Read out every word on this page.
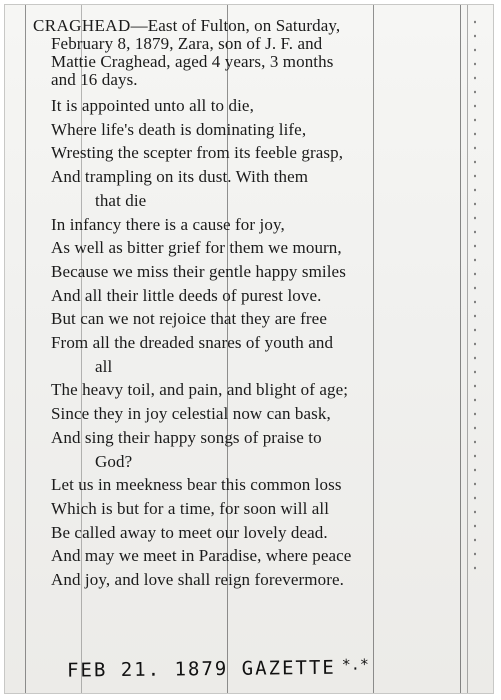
CRAGHEAD—East of Fulton, on Saturday,
February 8, 1879, Zara, son of J. F. and
Mattie Craghead, aged 4 years, 3 months
and 16 days.
It is appointed unto all to die,
Where life's death is dominating life,
Wresting the scepter from its feeble grasp,
And trampling on its dust. With them
that die
In infancy there is a cause for joy,
As well as bitter grief for them we mourn,
Because we miss their gentle happy smiles
And all their little deeds of purest love.
But can we not rejoice that they are free
From all the dreaded snares of youth and
all
The heavy toil, and pain, and blight of age;
Since they in joy celestial now can bask,
And sing their happy songs of praise to
God?
Let us in meekness bear this common loss
Which is but for a time, for soon will all
Be called away to meet our lovely dead.
And may we meet in Paradise, where peace
And joy, and love shall reign forevermore.
FEB 21. 1879 GAZETTE *.*
